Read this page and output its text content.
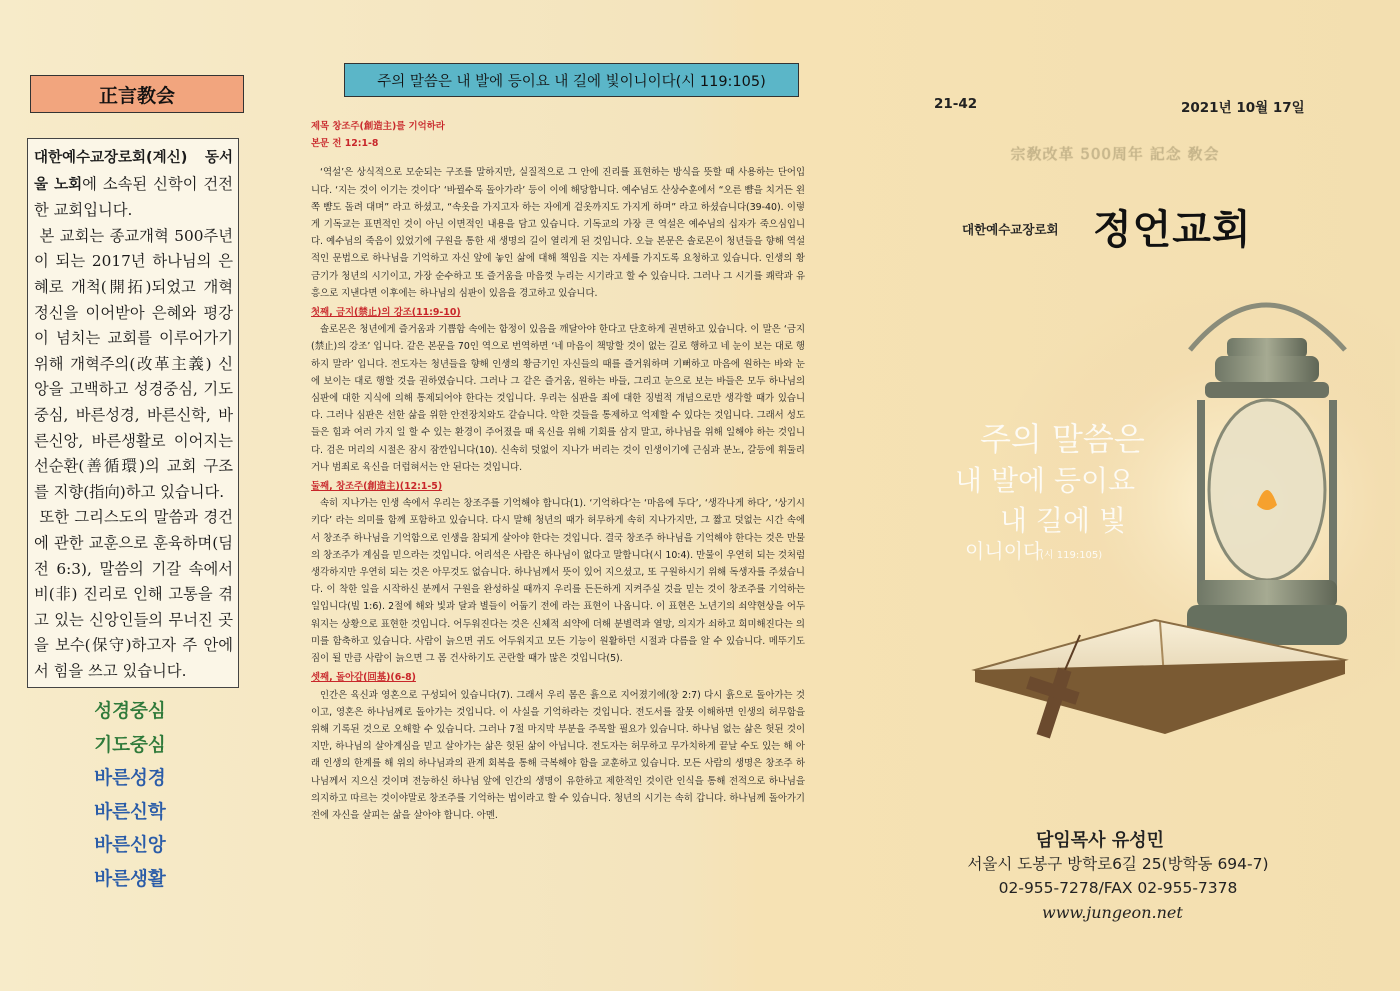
正言教会

대한예수교장로회(계신) 동서울 노회에 소속된 신학이 건전한 교회입니다.

본 교회는 종교개혁 500주년이 되는 2017년 하나님의 은혜로 개척(開拓)되었고 개혁정신을 이어받아 은혜와 평강이 넘치는 교회를 이루어가기 위해 개혁주의(改革主義) 신앙을 고백하고 성경중심, 기도중심, 바른성경, 바른신학, 바른신앙, 바른생활로 이어지는 선순환(善循環)의 교회 구조를 지향(指向)하고 있습니다.

또한 그리스도의 말씀과 경건에 관한 교훈으로 훈육하며(딤전 6:3), 말씀의 기갈 속에서 비(非) 진리로 인해 고통을 겪고 있는 신앙인들의 무너진 곳을 보수(保守)하고자 주 안에서 힘을 쓰고 있습니다.

성경중심
기도중심
바른성경
바른신학
바른신앙
바른생활
주의 말씀은 내 발에 등이요 내 길에 빛이니이다(시 119:105)
제목 창조주(創造主)를 기억하라
본문 전 12:1-8

‘역설’은 상식적으로 모순되는 구조를 말하지만, 실질적으로 그 안에 진리를 표현하는 방식을 뜻할 때 사용하는 단어입니다. ‘지는 것이 이기는 것이다’ ‘바뀔수록 돌아가라’ 등이 이에 해당합니다. 예수님도 산상수훈에서 “오른 뺨을 치거든 왼쪽 뺨도 돌려 대며” 라고 하셨고, “속옷을 가지고자 하는 자에게 겉옷까지도 가지게 하며” 라고 하셨습니다(39-40). 이렇게 기독교는 표면적인 것이 아닌 이면적인 내용을 담고 있습니다. 기독교의 가장 큰 역설은 예수님의 십자가 죽으심입니다. 예수님의 죽음이 있었기에 구원을 통한 새 생명의 길이 열리게 된 것입니다. 오늘 본문은 솔로몬이 청년들을 향해 역설적인 문법으로 하나님을 기억하고 자신 앞에 놓인 삶에 대해 책임을 지는 자세를 가지도록 요청하고 있습니다. 인생의 황금기가 청년의 시기이고, 가장 순수하고 또 즐거움을 마음껏 누리는 시기라고 할 수 있습니다. 그러나 그 시기를 쾌락과 유흥으로 지낸다면 이후에는 하나님의 심판이 있음을 경고하고 있습니다.

첫째, 금지(禁止)의 강조(11:9-10)

솔로몬은 청년에게 즐거움과 기쁨함 속에는 함정이 있음을 깨달아야 한다고 단호하게 권면하고 있습니다. 이 말은 ‘금지(禁止)의 강조’ 입니다. 같은 본문을 70인 역으로 번역하면 ‘네 마음이 책망할 것이 없는 길로 행하고 네 눈이 보는 대로 행하지 말라’ 입니다. 전도자는 청년들을 향해 인생의 황금기인 자신들의 때를 즐거워하며 기뻐하고 마음에 원하는 바와 눈에 보이는 대로 행할 것을 권하였습니다. 그러나 그 같은 즐거움, 원하는 바들, 그리고 눈으로 보는 바들은 모두 하나님의 심판에 대한 지식에 의해 통제되어야 한다는 것입니다. 우리는 심판을 죄에 대한 징벌적 개념으로만 생각할 때가 있습니다. 그러나 심판은 선한 삶을 위한 안전장치와도 같습니다. 악한 것들을 통제하고 억제할 수 있다는 것입니다. 그래서 성도들은 힘과 여러 가지 일 할 수 있는 환경이 주어졌을 때 육신을 위해 기회를 삼지 말고, 하나님을 위해 일해야 하는 것입니다. 검은 머리의 시절은 잠시 잠깐입니다(10). 신속히 덧없이 지나가 버리는 것이 인생이기에 근심과 분노, 갈등에 휘둘리거나 범죄로 육신을 더럽혀서는 안 된다는 것입니다.

둘째, 창조주(創造主)(12:1-5)

속히 지나가는 인생 속에서 우리는 창조주를 기억해야 합니다(1). ‘기억하다’는 ‘마음에 두다’, ‘생각나게 하다’, ‘상기시키다’ 라는 의미를 함께 포함하고 있습니다. 다시 말해 청년의 때가 허무하게 속히 지나가지만, 그 짧고 덧없는 시간 속에서 창조주 하나님을 기억함으로 인생을 참되게 살아야 한다는 것입니다. 결국 창조주 하나님을 기억해야 한다는 것은 만물의 창조주가 계심을 믿으라는 것입니다. 어리석은 사람은 하나님이 없다고 말합니다(시 10:4). 만물이 우연히 되는 것처럼 생각하지만 우연히 되는 것은 아무것도 없습니다. 하나님께서 뜻이 있어 지으셨고, 또 구원하시기 위해 독생자를 주셨습니다. 이 착한 일을 시작하신 분께서 구원을 완성하실 때까지 우리를 든든하게 지켜주실 것을 믿는 것이 창조주를 기억하는 일입니다(빌 1:6). 2절에 해와 빛과 달과 별들이 어둡기 전에 라는 표현이 나옵니다. 이 표현은 노년기의 쇠약현상을 어두워지는 상황으로 표현한 것입니다. 어두워진다는 것은 신체적 쇠약에 더해 분별력과 열망, 의지가 쇠하고 희미해진다는 의미를 함축하고 있습니다. 사람이 늙으면 귀도 어두워지고 모든 기능이 원활하던 시절과 다름을 알 수 있습니다. 메뚜기도 짐이 될 만큼 사람이 늙으면 그 몸 건사하기도 곤란할 때가 많은 것입니다(5).

셋째, 돌아감(回基)(6-8)

인간은 육신과 영혼으로 구성되어 있습니다(7). 그래서 우리 몸은 흙으로 지어졌기에(창 2:7) 다시 흙으로 돌아가는 것이고, 영혼은 하나님께로 돌아가는 것입니다. 이 사실을 기억하라는 것입니다. 전도서를 잘못 이해하면 인생의 허무함을 위해 기록된 것으로 오해할 수 있습니다. 그러나 7절 마지막 부분을 주목할 필요가 있습니다. 하나님 없는 삶은 헛된 것이지만, 하나님의 살아계심을 믿고 살아가는 삶은 헛된 삶이 아닙니다. 전도자는 허무하고 무가치하게 끝날 수도 있는 해 아래 인생의 한계를 해 위의 하나님과의 관계 회복을 통해 극복해야 함을 교훈하고 있습니다. 모든 사람의 생명은 창조주 하나님께서 지으신 것이며 전능하신 하나님 앞에 인간의 생명이 유한하고 제한적인 것이란 인식을 통해 전적으로 하나님을 의지하고 따르는 것이야말로 창조주를 기억하는 법이라고 할 수 있습니다. 청년의 시기는 속히 갑니다. 하나님께 돌아가기 전에 자신을 살피는 삶을 살아야 합니다. 아멘.

21-42	2021년 10월 17일
宗敎改革 500周年 記念 敎会
대한예수교장로회 정언교회
주의 말씀은
내 발에 등이요
내 길에 빛
이니이다
(시 119:105)
담임목사 유성민
서울시 도봉구 방학로6길 25(방학동 694-7)
02-955-7278/FAX 02-955-7378
www.jungeon.net
